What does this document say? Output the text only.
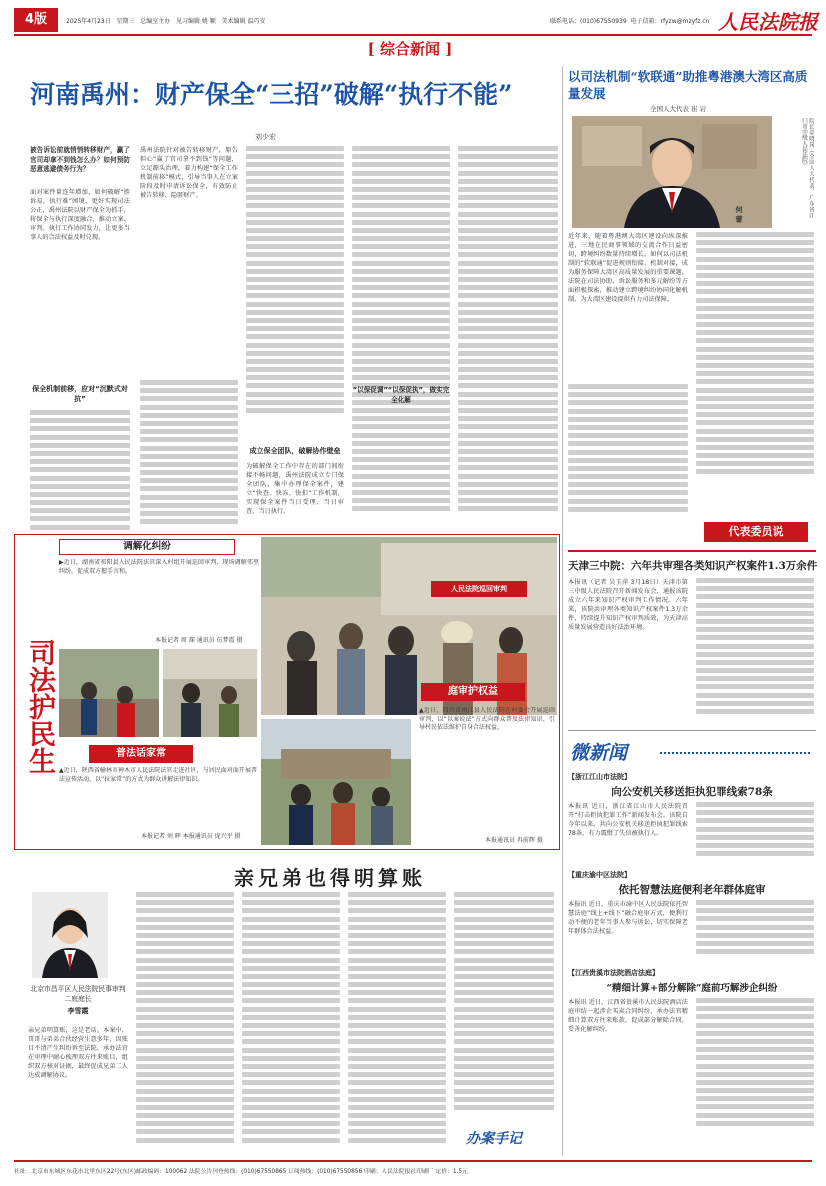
4版	2025年4月23日 星期三 总编室主办 见习编辑 姚 颖 美术编辑 温巧安	联系电话：(010)67550939 电子信箱：rfyzw@mzyfz.cn 人民法院报
[ 综合新闻 ]
河南禹州：财产保全“三招”破解“执行不能”
刘少宏
被告诉讼前就悄悄转移财产，赢了官司却拿不到钱怎么办？如何预防恶意逃避债务行为？
面对案件量连年增加，如何破解“胜诉易，执行难”困境，更好实现司法公正，禹州法院以财产保全为抓手，将保全与执行深度融合，推动立案、审判、执行工作协同发力，让更多当事人的合法权益及时兑现。
保全机制前移，应对“沉默式对抗”
禹州法院针对被告转移财产，原告担心“赢了官司拿不到钱”等问题，立足源头治理，着力构建“保全工作机制前移”模式，引导当事人在立案阶段及时申请诉讼保全，有效防止被告转移、隐匿财产。
成立保全团队，破解协作壁垒
为破解保全工作中存在的部门间衔接不畅问题，禹州法院成立专门保全团队，集中办理保全案件，建立“快查、快冻、快扣”工作机制，实现保全案件当日受理、当日审查、当日执行。
“以保促调”“以保促执”，做实完全化解
以司法机制“软联通”助推粤港澳大湾区高质量发展
全国人大代表 崔 岩
院长高晓岗（全国人大代表、广东省江门市中级人民法院）
何 蕾
近年来，随着粤港澳大湾区建设向纵深推进，三地在民商事领域的交流合作日益密切，跨境纠纷数量持续增长。如何以司法机制的“软联通”促进规则衔接、机制对接，成为服务保障大湾区高质量发展的重要课题。法院在司法协助、诉讼服务和多元解纷等方面积极探索，推动建立跨境纠纷协同化解机制，为大湾区建设提供有力司法保障。
代表委员说
天津三中院：六年共审理各类知识产权案件1.3万余件
本报讯（记者 吴玉萍 3月18日）天津市第三中级人民法院召开新闻发布会，通报该院成立六年来知识产权审判工作情况。六年来，该院共审理各类知识产权案件1.3万余件，持续提升知识产权审判质效，为天津高质量发展营造良好法治环境。
微新闻
【浙江江山市法院】
向公安机关移送拒执犯罪线索78条
本报讯 近日，浙江省江山市人民法院召开“打击拒执犯罪工作”新闻发布会。该院自今年以来，共向公安机关移送拒执犯罪线索78条，有力震慑了失信被执行人。
【重庆渝中区法院】
依托智慧法庭便利老年群体庭审
本报讯 近日，重庆市渝中区人民法院依托智慧法庭“线上+线下”融合庭审方式，便利行动不便的老年当事人参与诉讼，切实保障老年群体合法权益。
【江西贵溪市法院酒店法庭】
“精细计算+部分解除”庭前巧解涉企纠纷
本报讯 近日，江西省贵溪市人民法院酒店法庭审结一起涉企买卖合同纠纷，承办法官精细计算双方往来账款，促成部分解除合同，妥善化解纠纷。
司法护民生
调解化纠纷
▶近日，湖南省祁阳县人民法院法官深入村组开展巡回审判，现场调解邻里纠纷，促成双方握手言和。
本报记者 周 琛 通讯员 伍梦霞 摄
人民法院巡回审判
庭审护权益
▲近日，四川省南江县人民法院在村委会开展巡回审判，以“以案说法”方式向群众普及法律知识，引导村民依法维护自身合法权益。
本报通讯员 冉前辉 摄
普法话家常
▲近日，陕西省榆林市神木市人民法院法官走进社区，与居民面对面开展普法宣传活动，以“拉家常”的方式为群众讲解法律知识。
本报记者 刘 晖 本报通讯员 庞兴平 摄
亲兄弟也得明算账
北京市昌平区人民法院民事审判二庭庭长
李雪霞
亲兄弟明算账，这是老话。本案中，哥哥与弟弟合伙经营生意多年，因账目不清产生纠纷诉至法院。承办法官在审理中耐心梳理双方往来账目，组织双方核对证据，最终促成兄弟二人达成调解协议。
办案手记
社址：北京市东城区东花市北里东区22号(东区)邮政编码：100062 法院公告刊登热线：(010)67550865 订阅热线：(010)67550856 印刷：人民法院报社印刷厂 定价：1.5元
